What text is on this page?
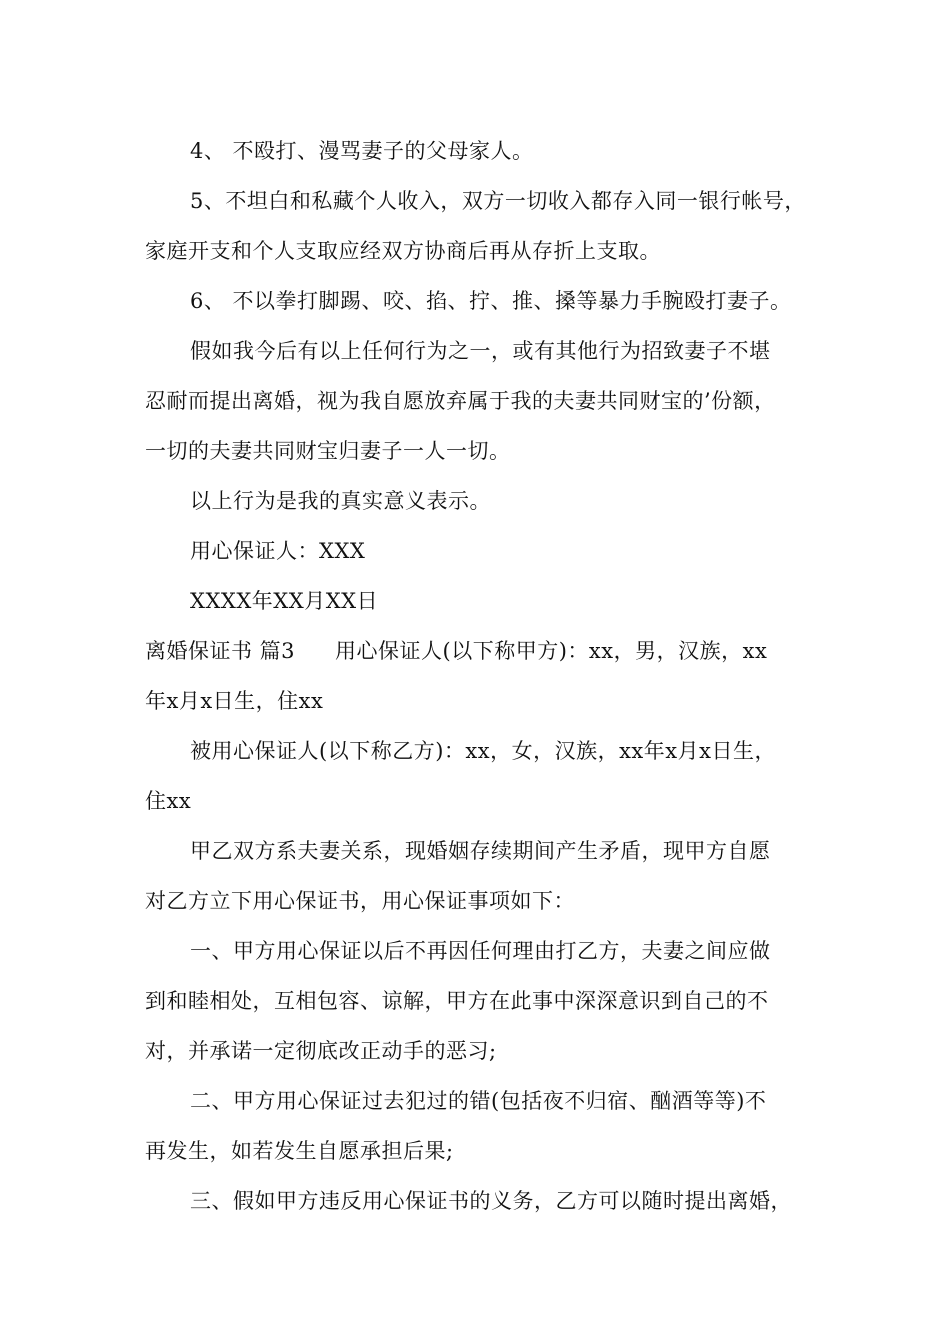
4、 不殴打、漫骂妻子的父母家人。
5、不坦白和私藏个人收入，双方一切收入都存入同一银行帐号，
家庭开支和个人支取应经双方协商后再从存折上支取。
6、 不以拳打脚踢、咬、掐、拧、推、搡等暴力手腕殴打妻子。
假如我今后有以上任何行为之一，或有其他行为招致妻子不堪
忍耐而提出离婚，视为我自愿放弃属于我的夫妻共同财宝的’份额，
一切的夫妻共同财宝归妻子一人一切。
以上行为是我的真实意义表示。
用心保证人：XXX
XXXX年XX月XX日
离婚保证书 篇3 用心保证人(以下称甲方)：xx，男，汉族，xx
年x月x日生，住xx
被用心保证人(以下称乙方)：xx，女，汉族，xx年x月x日生，
住xx
甲乙双方系夫妻关系，现婚姻存续期间产生矛盾，现甲方自愿
对乙方立下用心保证书，用心保证事项如下：
一、甲方用心保证以后不再因任何理由打乙方，夫妻之间应做
到和睦相处，互相包容、谅解，甲方在此事中深深意识到自己的不
对，并承诺一定彻底改正动手的恶习;
二、甲方用心保证过去犯过的错(包括夜不归宿、酗酒等等)不
再发生，如若发生自愿承担后果;
三、假如甲方违反用心保证书的义务，乙方可以随时提出离婚，
